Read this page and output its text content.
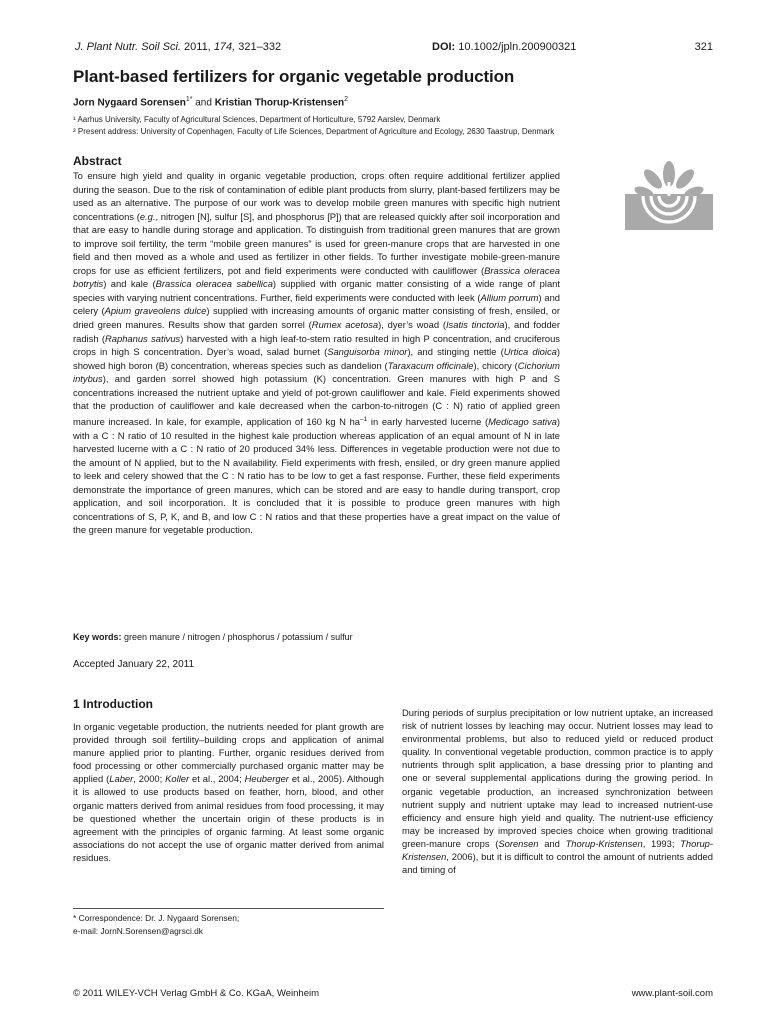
J. Plant Nutr. Soil Sci. 2011, 174, 321–332	DOI: 10.1002/jpln.200900321	321
Plant-based fertilizers for organic vegetable production
Jorn Nygaard Sorensen$^{1*}$ and Kristian Thorup-Kristensen$^2$
¹ Aarhus University, Faculty of Agricultural Sciences, Department of Horticulture, 5792 Aarslev, Denmark
² Present address: University of Copenhagen, Faculty of Life Sciences, Department of Agriculture and Ecology, 2630 Taastrup, Denmark
Abstract
To ensure high yield and quality in organic vegetable production, crops often require additional fertilizer applied during the season. Due to the risk of contamination of edible plant products from slurry, plant-based fertilizers may be used as an alternative. The purpose of our work was to develop mobile green manures with specific high nutrient concentrations (e.g., nitrogen [N], sulfur [S], and phosphorus [P]) that are released quickly after soil incorporation and that are easy to handle during storage and application. To distinguish from traditional green manures that are grown to improve soil fertility, the term “mobile green manures” is used for green-manure crops that are harvested in one field and then moved as a whole and used as fertilizer in other fields. To further investigate mobile-green-manure crops for use as efficient fertilizers, pot and field experiments were conducted with cauliflower (Brassica oleracea botrytis) and kale (Brassica oleracea sabellica) supplied with organic matter consisting of a wide range of plant species with varying nutrient concentrations. Further, field experiments were conducted with leek (Allium porrum) and celery (Apium graveolens dulce) supplied with increasing amounts of organic matter consisting of fresh, ensiled, or dried green manures. Results show that garden sorrel (Rumex acetosa), dyer’s woad (Isatis tinctoria), and fodder radish (Raphanus sativus) harvested with a high leaf-to-stem ratio resulted in high P concentration, and cruciferous crops in high S concentration. Dyer’s woad, salad burnet (Sanguisorba minor), and stinging nettle (Urtica dioica) showed high boron (B) concentration, whereas species such as dandelion (Taraxacum officinale), chicory (Cichorium intybus), and garden sorrel showed high potassium (K) concentration. Green manures with high P and S concentrations increased the nutrient uptake and yield of pot-grown cauliflower and kale. Field experiments showed that the production of cauliflower and kale decreased when the carbon-to-nitrogen (C : N) ratio of applied green manure increased. In kale, for example, application of 160 kg N $ha^{-1}$ in early harvested lucerne (Medicago sativa) with a C : N ratio of 10 resulted in the highest kale production whereas application of an equal amount of N in late harvested lucerne with a C : N ratio of 20 produced 34% less. Differences in vegetable production were not due to the amount of N applied, but to the N availability. Field experiments with fresh, ensiled, or dry green manure applied to leek and celery showed that the C : N ratio has to be low to get a fast response. Further, these field experiments demonstrate the importance of green manures, which can be stored and are easy to handle during transport, crop application, and soil incorporation. It is concluded that it is possible to produce green manures with high concentrations of S, P, K, and B, and low C : N ratios and that these properties have a great impact on the value of the green manure for vegetable production.
Key words: green manure / nitrogen / phosphorus / potassium / sulfur
Accepted January 22, 2011
1 Introduction
In organic vegetable production, the nutrients needed for plant growth are provided through soil fertility–building crops and application of animal manure applied prior to planting. Further, organic residues derived from food processing or other commercially purchased organic matter may be applied (Laber, 2000; Koller et al., 2004; Heuberger et al., 2005). Although it is allowed to use products based on feather, horn, blood, and other organic matters derived from animal residues from food processing, it may be questioned whether the uncertain origin of these products is in agreement with the principles of organic farming. At least some organic associations do not accept the use of organic matter derived from animal residues.
During periods of surplus precipitation or low nutrient uptake, an increased risk of nutrient losses by leaching may occur. Nutrient losses may lead to environmental problems, but also to reduced yield or reduced product quality. In conventional vegetable production, common practice is to apply nutrients through split application, a base dressing prior to planting and one or several supplemental applications during the growing period. In organic vegetable production, an increased synchronization between nutrient supply and nutrient uptake may lead to increased nutrient-use efficiency and ensure high yield and quality. The nutrient-use efficiency may be increased by improved species choice when growing traditional green-manure crops (Sorensen and Thorup-Kristensen, 1993; Thorup-Kristensen, 2006), but it is difficult to control the amount of nutrients added and timing of
* Correspondence: Dr. J. Nygaard Sorensen;
e-mail: JornN.Sorensen@agrsci.dk
© 2011 WILEY-VCH Verlag GmbH & Co. KGaA, Weinheim	www.plant-soil.com
